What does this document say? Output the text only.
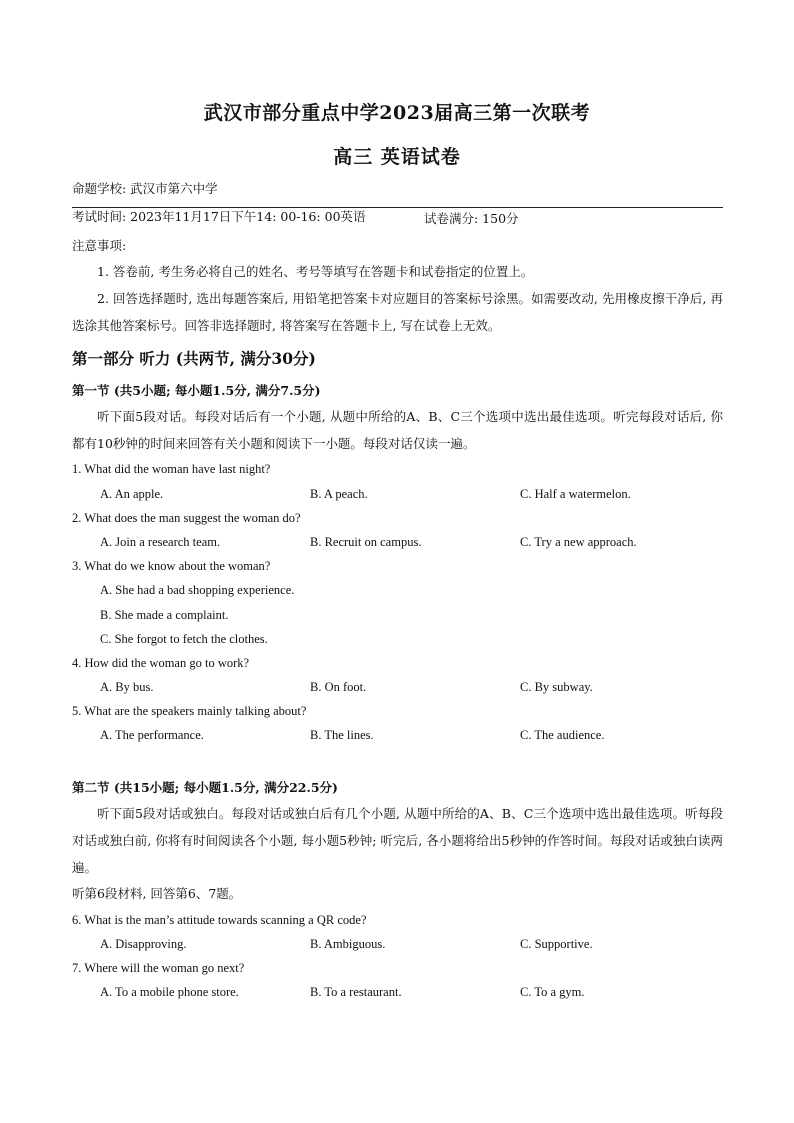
武汉市部分重点中学2023届高三第一次联考
高三 英语试卷
命题学校: 武汉市第六中学
考试时间: 2023年11月17日下午14: 00-16: 00英语	试卷满分: 150分
注意事项:
1. 答卷前, 考生务必将自己的姓名、考号等填写在答题卡和试卷指定的位置上。
2. 回答选择题时, 选出每题答案后, 用铅笔把答案卡对应题目的答案标号涂黑。如需要改动, 先用橡皮擦干净后, 再选涂其他答案标号。回答非选择题时, 将答案写在答题卡上, 写在试卷上无效。
第一部分 听力 (共两节, 满分30分)
第一节 (共5小题; 每小题1.5分, 满分7.5分)
听下面5段对话。每段对话后有一个小题, 从题中所给的A、B、C三个选项中选出最佳选项。听完每段对话后, 你都有10秒钟的时间来回答有关小题和阅读下一小题。每段对话仅读一遍。
1. What did the woman have last night?
A. An apple.	B. A peach.	C. Half a watermelon.
2. What does the man suggest the woman do?
A. Join a research team.	B. Recruit on campus.	C. Try a new approach.
3. What do we know about the woman?
A. She had a bad shopping experience.
B. She made a complaint.
C. She forgot to fetch the clothes.
4. How did the woman go to work?
A. By bus.	B. On foot.	C. By subway.
5. What are the speakers mainly talking about?
A. The performance.	B. The lines.	C. The audience.
第二节 (共15小题; 每小题1.5分, 满分22.5分)
听下面5段对话或独白。每段对话或独白后有几个小题, 从题中所给的A、B、C三个选项中选出最佳选项。听每段对话或独白前, 你将有时间阅读各个小题, 每小题5秒钟; 听完后, 各小题将给出5秒钟的作答时间。每段对话或独白读两遍。
听第6段材料, 回答第6、7题。
6. What is the man’s attitude towards scanning a QR code?
A. Disapproving.	B. Ambiguous.	C. Supportive.
7. Where will the woman go next?
A. To a mobile phone store.	B. To a restaurant.	C. To a gym.
